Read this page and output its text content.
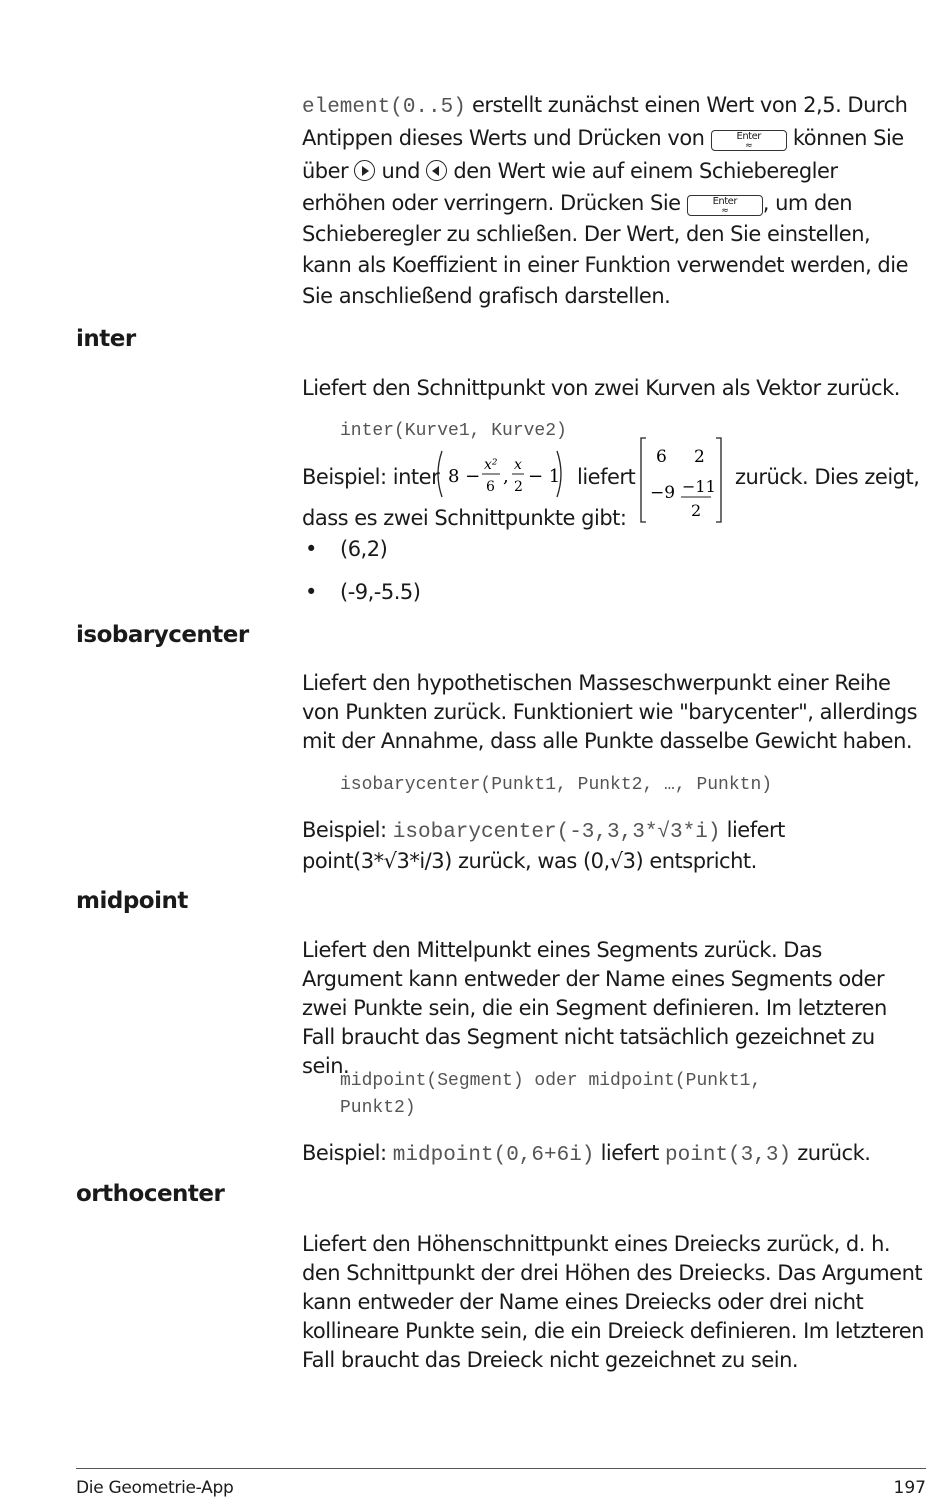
element(0..5) erstellt zunächst einen Wert von 2,5. Durch

Antippen dieses Werts und Drücken von	Enter
≈	können Sie

über  und  den Wert wie auf einem Schieberegler

erhöhen oder verringern. Drücken Sie	Enter
≈	, um den

Schieberegler zu schließen. Der Wert, den Sie einstellen, kann als Koeffizient in einer Funktion verwendet werden, die Sie anschließend grafisch darstellen.

inter

Liefert den Schnittpunkt von zwei Kurven als Vektor zurück.

inter(Kurve1, Kurve2)

Beispiel: inter 8 −
x²
6 ,
x
2 − 1 liefert
6 2
−9 −11
2
zurück. Dies zeigt,

dass es zwei Schnittpunkte gibt:

• (6,2)
• (-9,-5.5)
isobarycenter

Liefert den hypothetischen Masseschwerpunkt einer Reihe von Punkten zurück. Funktioniert wie "barycenter", allerdings mit der Annahme, dass alle Punkte dasselbe Gewicht haben.

isobarycenter(Punkt1, Punkt2, …, Punktn)

Beispiel: isobarycenter(-3,3,3*√3*i) liefert

point(3*√3*i/3) zurück, was (0,√3) entspricht.

midpoint

Liefert den Mittelpunkt eines Segments zurück. Das Argument kann entweder der Name eines Segments oder zwei Punkte sein, die ein Segment definieren. Im letzteren Fall braucht das Segment nicht tatsächlich gezeichnet zu sein.

midpoint(Segment) oder midpoint(Punkt1,
Punkt2)

Beispiel: midpoint(0,6+6i) liefert point(3,3) zurück.

orthocenter

Liefert den Höhenschnittpunkt eines Dreiecks zurück, d. h. den Schnittpunkt der drei Höhen des Dreiecks. Das Argument kann entweder der Name eines Dreiecks oder drei nicht kollineare Punkte sein, die ein Dreieck definieren. Im letzteren Fall braucht das Dreieck nicht gezeichnet zu sein.

Die Geometrie-App	197
